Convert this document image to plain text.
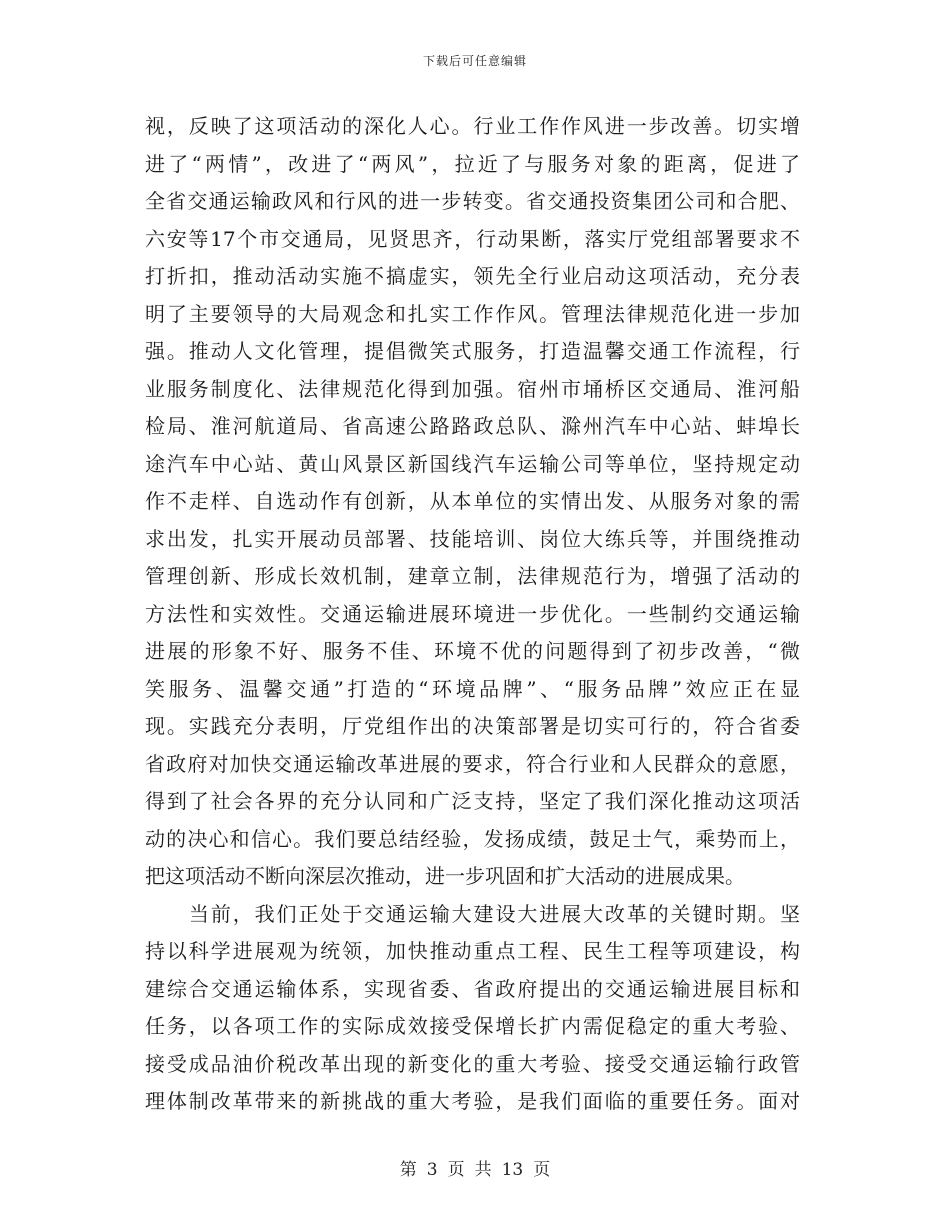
下载后可任意编辑
视，反映了这项活动的深化人心。行业工作作风进一步改善。切实增
进了“两情”，改进了“两风”，拉近了与服务对象的距离，促进了
全省交通运输政风和行风的进一步转变。省交通投资集团公司和合肥、
六安等17个市交通局，见贤思齐，行动果断，落实厅党组部署要求不
打折扣，推动活动实施不搞虚实，领先全行业启动这项活动，充分表
明了主要领导的大局观念和扎实工作作风。管理法律规范化进一步加
强。推动人文化管理，提倡微笑式服务，打造温馨交通工作流程，行
业服务制度化、法律规范化得到加强。宿州市埇桥区交通局、淮河船
检局、淮河航道局、省高速公路路政总队、滁州汽车中心站、蚌埠长
途汽车中心站、黄山风景区新国线汽车运输公司等单位，坚持规定动
作不走样、自选动作有创新，从本单位的实情出发、从服务对象的需
求出发，扎实开展动员部署、技能培训、岗位大练兵等，并围绕推动
管理创新、形成长效机制，建章立制，法律规范行为，增强了活动的
方法性和实效性。交通运输进展环境进一步优化。一些制约交通运输
进展的形象不好、服务不佳、环境不优的问题得到了初步改善，“微
笑服务、温馨交通”打造的“环境品牌”、“服务品牌”效应正在显
现。实践充分表明，厅党组作出的决策部署是切实可行的，符合省委
省政府对加快交通运输改革进展的要求，符合行业和人民群众的意愿，
得到了社会各界的充分认同和广泛支持，坚定了我们深化推动这项活
动的决心和信心。我们要总结经验，发扬成绩，鼓足士气，乘势而上，
把这项活动不断向深层次推动，进一步巩固和扩大活动的进展成果。
当前，我们正处于交通运输大建设大进展大改革的关键时期。坚
持以科学进展观为统领，加快推动重点工程、民生工程等项建设，构
建综合交通运输体系，实现省委、省政府提出的交通运输进展目标和
任务，以各项工作的实际成效接受保增长扩内需促稳定的重大考验、
接受成品油价税改革出现的新变化的重大考验、接受交通运输行政管
理体制改革带来的新挑战的重大考验，是我们面临的重要任务。面对
第 3 页 共 13 页
